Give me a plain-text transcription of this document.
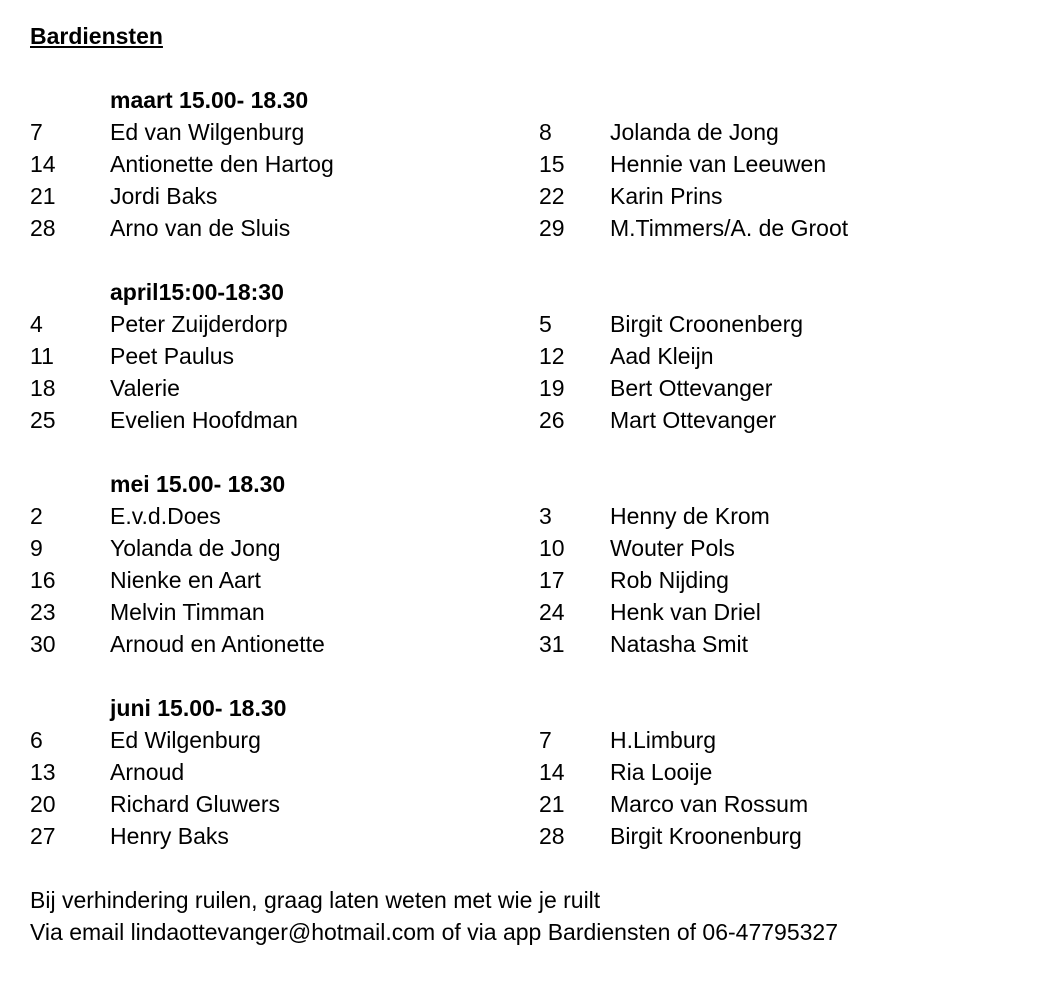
Bardiensten
maart 15.00- 18.30
7	Ed van Wilgenburg	8	Jolanda de Jong
14 Antionette den Hartog	15 Hennie van Leeuwen
21 Jordi Baks	22 Karin Prins
28 Arno van de Sluis	29 M.Timmers/A. de Groot
april15:00-18:30
4	Peter Zuijderdorp	5	Birgit Croonenberg
11 Peet Paulus	12 Aad Kleijn
18 Valerie	19 Bert Ottevanger
25 Evelien Hoofdman	26 Mart Ottevanger
mei 15.00- 18.30
2	E.v.d.Does	3	Henny de Krom
9	Yolanda de Jong	10 Wouter Pols
16 Nienke en Aart	17 Rob Nijding
23 Melvin Timman	24 Henk van Driel
30 Arnoud en Antionette	31 Natasha Smit
juni 15.00- 18.30
6	Ed Wilgenburg	7	H.Limburg
13 Arnoud	14 Ria Looije
20 Richard Gluwers	21 Marco van Rossum
27 Henry Baks	28 Birgit Kroonenburg
Bij verhindering ruilen, graag laten weten met wie je ruilt
Via email lindaottevanger@hotmail.com of via app Bardiensten of 06-47795327
